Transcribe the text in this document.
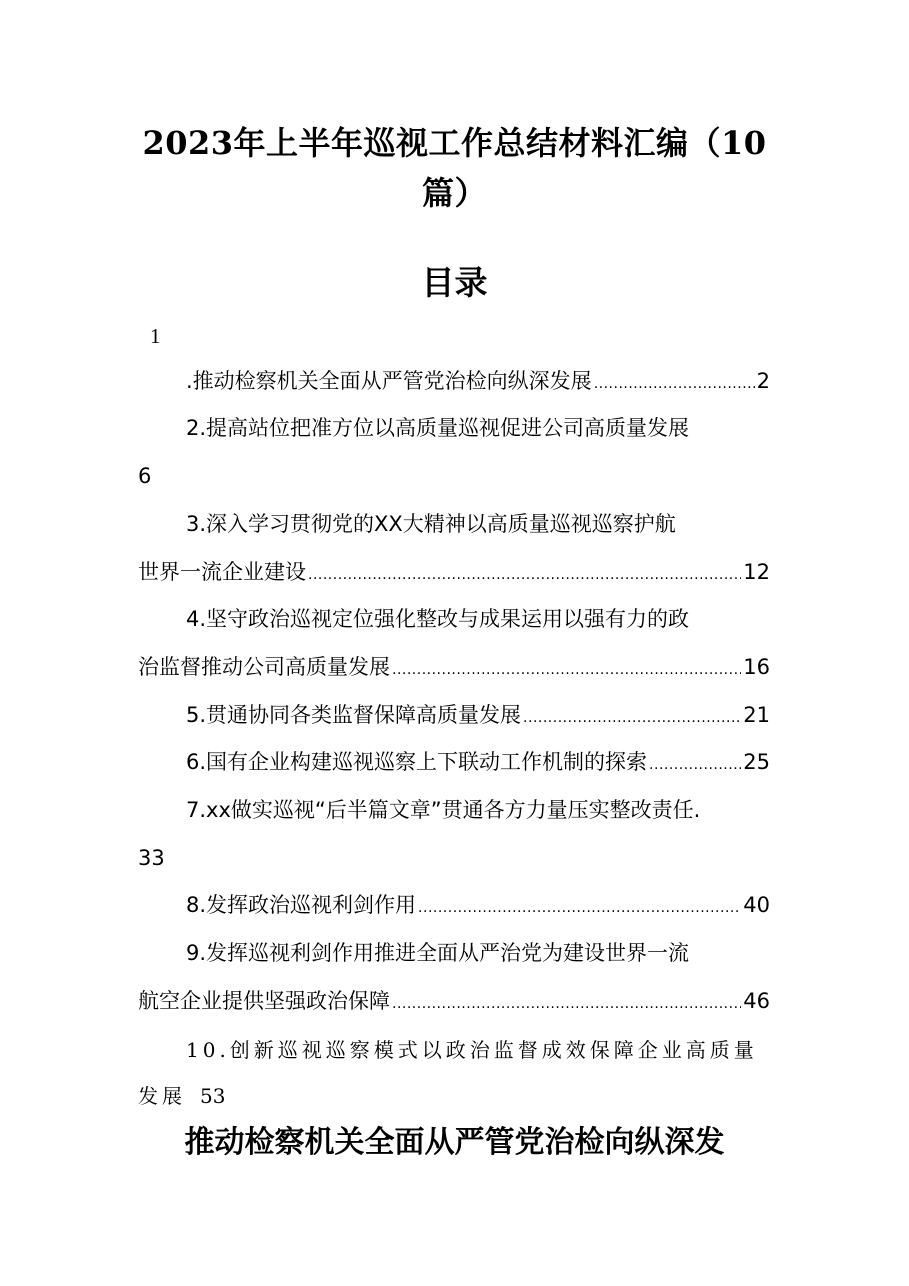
2023年上半年巡视工作总结材料汇编（10
篇）
目录
1
.推动检察机关全面从严管党治检向纵深发展 .....	2
2.提高站位把准方位以高质量巡视促进公司高质量发展
6
3.深入学习贯彻党的XX大精神以高质量巡视巡察护航
世界一流企业建设 .....	12
4.坚守政治巡视定位强化整改与成果运用以强有力的政
治监督推动公司高质量发展 .....	16
5.贯通协同各类监督保障高质量发展 .....	21
6.国有企业构建巡视巡察上下联动工作机制的探索 .....	25
7.xx做实巡视“后半篇文章”贯通各方力量压实整改责任.
33
8.发挥政治巡视利剑作用 .....	40
9.发挥巡视利剑作用推进全面从严治党为建设世界一流
航空企业提供坚强政治保障 .....	46
10.创新巡视巡察模式以政治监督成效保障企业高质量
发展 53
推动检察机关全面从严管党治检向纵深发
